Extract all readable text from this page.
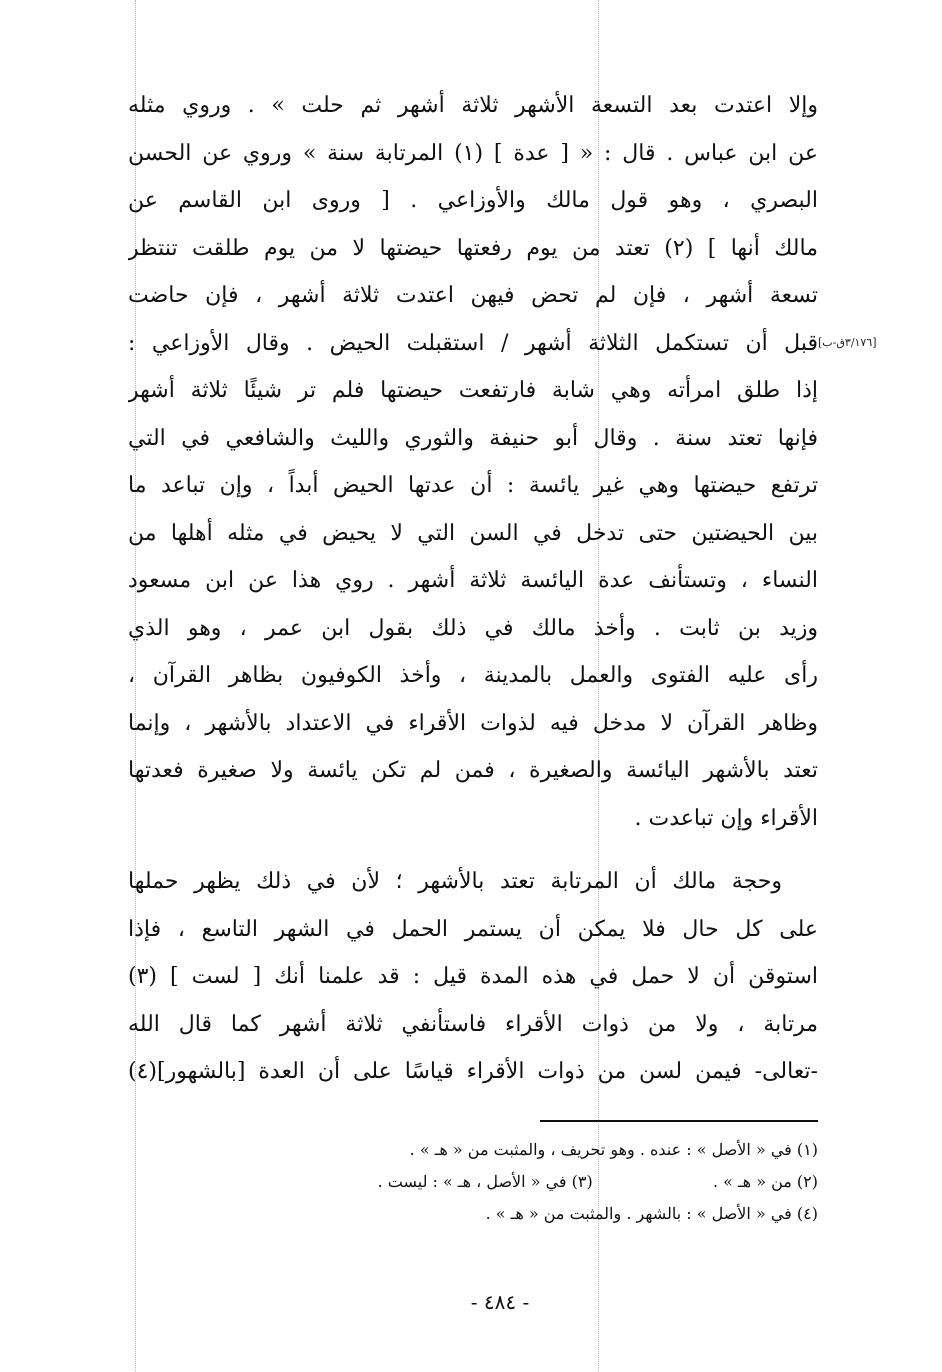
وإلا اعتدت بعد التسعة الأشهر ثلاثة أشهر ثم حلت » . وروي مثله
عن ابن عباس . قال : « [ عدة ] (١) المرتابة سنة » وروي عن الحسن
البصري ، وهو قول مالك والأوزاعي . [ وروى ابن القاسم عن
مالك أنها ] (٢) تعتد من يوم رفعتها حيضتها لا من يوم طلقت تنتظر
تسعة أشهر ، فإن لم تحض فيهن اعتدت ثلاثة أشهر ، فإن حاضت
قبل أن تستكمل الثلاثة أشهر / استقبلت الحيض . وقال الأوزاعي :
إذا طلق امرأته وهي شابة فارتفعت حيضتها فلم تر شيئًا ثلاثة أشهر
فإنها تعتد سنة . وقال أبو حنيفة والثوري والليث والشافعي في التي
ترتفع حيضتها وهي غير يائسة : أن عدتها الحيض أبداً ، وإن تباعد ما
بين الحيضتين حتى تدخل في السن التي لا يحيض في مثله أهلها من
النساء ، وتستأنف عدة اليائسة ثلاثة أشهر . روي هذا عن ابن مسعود
وزيد بن ثابت . وأخذ مالك في ذلك بقول ابن عمر ، وهو الذي
رأى عليه الفتوى والعمل بالمدينة ، وأخذ الكوفيون بظاهر القرآن ،
وظاهر القرآن لا مدخل فيه لذوات الأقراء في الاعتداد بالأشهر ، وإنما
تعتد بالأشهر اليائسة والصغيرة ، فمن لم تكن يائسة ولا صغيرة فعدتها
الأقراء وإن تباعدت .
وحجة مالك أن المرتابة تعتد بالأشهر ؛ لأن في ذلك يظهر حملها
على كل حال فلا يمكن أن يستمر الحمل في الشهر التاسع ، فإذا
استوقن أن لا حمل في هذه المدة قيل : قد علمنا أنك [ لست ] (٣)
مرتابة ، ولا من ذوات الأقراء فاستأنفي ثلاثة أشهر كما قال الله
-تعالى- فيمن لسن من ذوات الأقراء قياسًا على أن العدة [بالشهور](٤)
[٣/١٧٦ق-ب]
(١) في « الأصل » : عنده . وهو تحريف ، والمثبت من « هـ » .
(٢) من « هـ » .  (٣) في « الأصل ، هـ » : ليست .
(٤) في « الأصل » : بالشهر . والمثبت من « هـ » .
- ٤٨٤ -
